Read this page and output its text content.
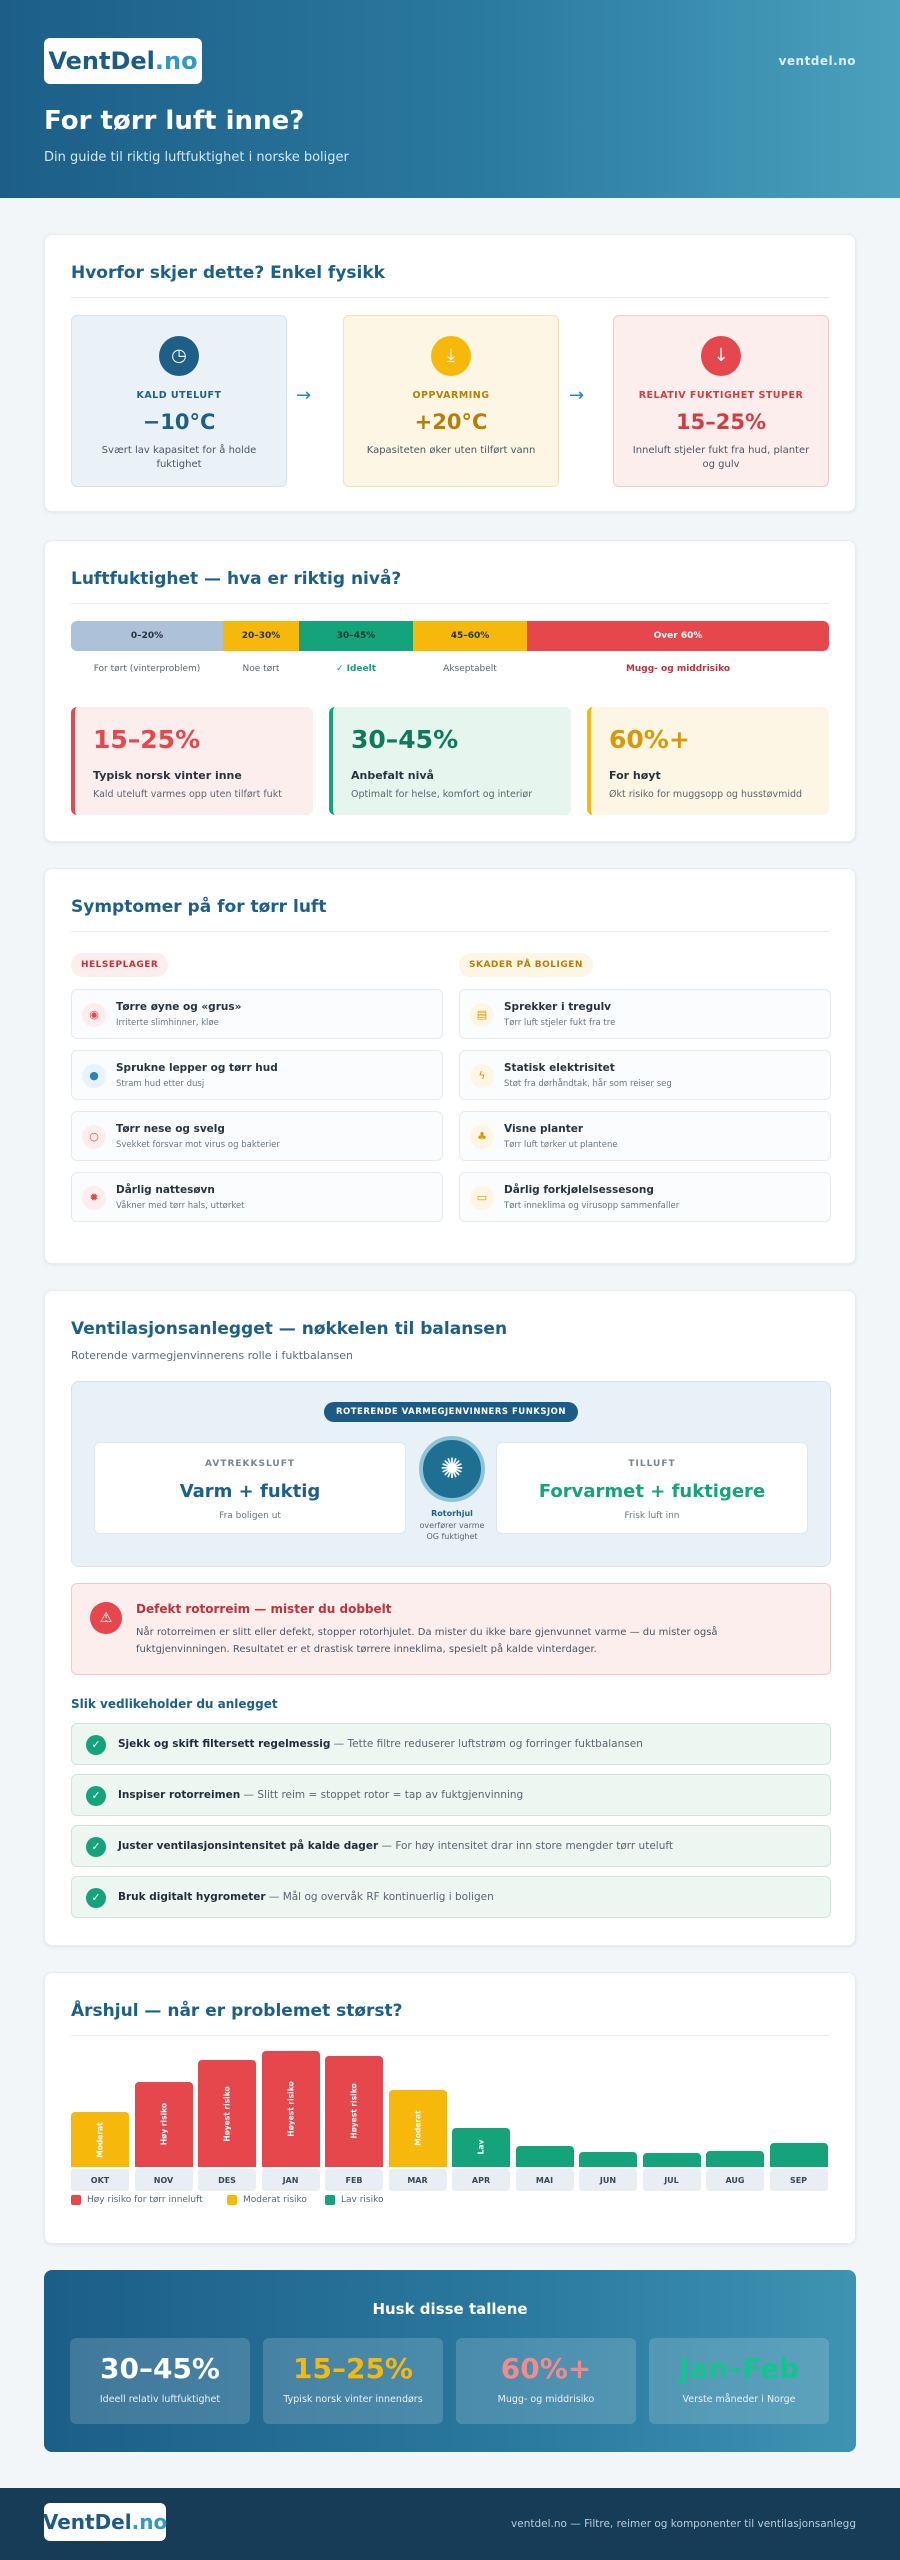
VentDel .no	ventdel.no
For tørr luft inne?

Din guide til riktig luftfuktighet i norske boliger

Hvorfor skjer dette? Enkel fysikk
◷
KALD UTELUFT
−10°C
Svært lav kapasitet for å holde fuktighet
→
⤓
OPPVARMING
+20°C
Kapasiteten øker uten tilført vann
→
↓
RELATIV FUKTIGHET STUPER
15–25%
Inneluft stjeler fukt fra hud, planter og gulv
Luftfuktighet — hva er riktig nivå?
0–20%	20–30%	30–45%	45–60%	Over 60%
For tørt (vinterproblem)	Noe tørt	✓ Ideelt	Akseptabelt	Mugg- og middrisiko
15–25%
Typisk norsk vinter inne
Kald uteluft varmes opp uten tilført fukt
30–45%
Anbefalt nivå
Optimalt for helse, komfort og interiør
60%+
For høyt
Økt risiko for muggsopp og husstøvmidd
Symptomer på for tørr luft
HELSEPLAGER	SKADER PÅ BOLIGEN
◉
Tørre øyne og «grus»
Irriterte slimhinner, kløe
●
Sprukne lepper og tørr hud
Stram hud etter dusj
○
Tørr nese og svelg
Svekket forsvar mot virus og bakterier
✹
Dårlig nattesøvn
Våkner med tørr hals, uttørket
▤
Sprekker i tregulv
Tørr luft stjeler fukt fra tre
ϟ
Statisk elektrisitet
Støt fra dørhåndtak, hår som reiser seg
♣
Visne planter
Tørr luft tørker ut plantene
▭
Dårlig forkjølelsessesong
Tørt inneklima og virusopp sammenfaller
Ventilasjonsanlegget — nøkkelen til balansen
Roterende varmegjenvinnerens rolle i fuktbalansen
ROTERENDE VARMEGJENVINNERS FUNKSJON
AVTREKKSLUFT
Varm + fuktig
Fra boligen ut
✺
Rotorhjul
overfører varme
OG fuktighet
TILLUFT
Forvarmet + fuktigere
Frisk luft inn
⚠
Defekt rotorreim — mister du dobbelt
Når rotorreimen er slitt eller defekt, stopper rotorhjulet. Da mister du ikke bare gjenvunnet varme — du mister også fuktgjenvinningen. Resultatet er et drastisk tørrere inneklima, spesielt på kalde vinterdager.
Slik vedlikeholder du anlegget
✓	Sjekk og skift filtersett regelmessig — Tette filtre reduserer luftstrøm og forringer fuktbalansen
✓	Inspiser rotorreimen — Slitt reim = stoppet rotor = tap av fuktgjenvinning
✓	Juster ventilasjonsintensitet på kalde dager — For høy intensitet drar inn store mengder tørr uteluft
✓	Bruk digitalt hygrometer — Mål og overvåk RF kontinuerlig i boligen
Årshjul — når er problemet størst?
Moderat
OKT
Høy risiko
NOV
Høyest risiko
DES
Høyest risiko
JAN
Høyest risiko
FEB
Moderat
MAR
Lav
APR	MAI	JUN	JUL	AUG	SEP
Høy risiko for tørr inneluft	Moderat risiko	Lav risiko
Husk disse tallene
30–45%
Ideell relativ luftfuktighet
15–25%
Typisk norsk vinter innendørs
60%+
Mugg- og middrisiko
Jan–Feb
Verste måneder i Norge
VentDel .no	ventdel.no — Filtre, reimer og komponenter til ventilasjonsanlegg
